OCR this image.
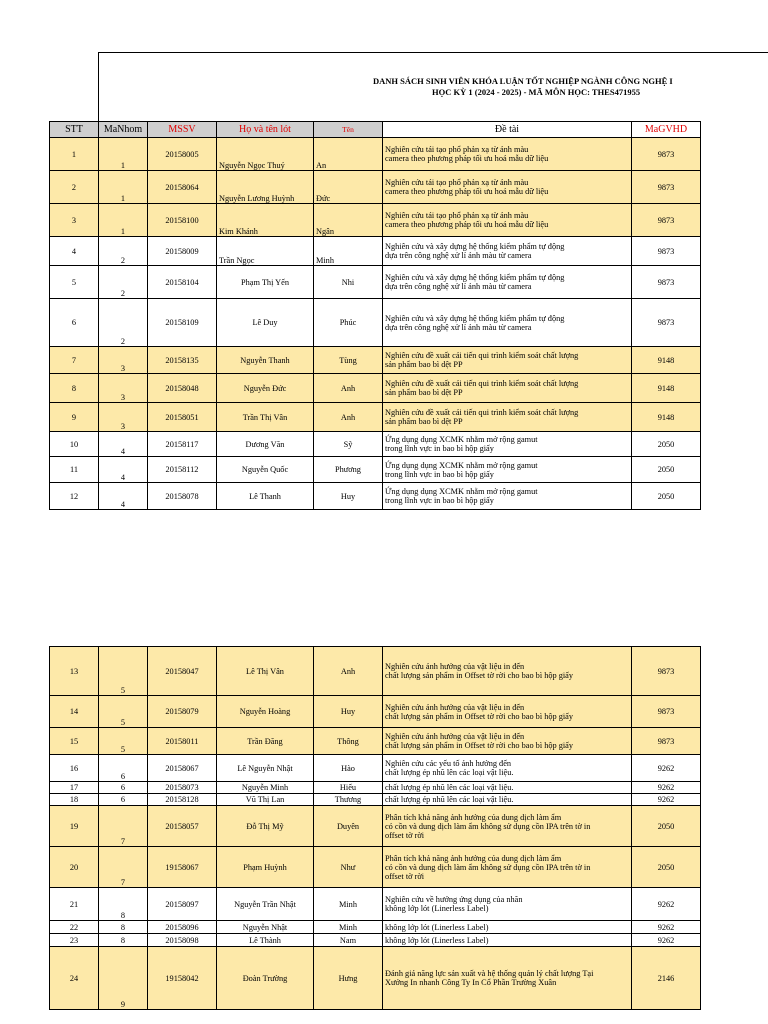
DANH SÁCH SINH VIÊN KHÓA LUẬN TỐT NGHIỆP NGÀNH CÔNG NGHỆ I
HỌC KỲ 1 (2024 - 2025) - MÃ MÔN HỌC: THES471955
STT	MaNhom	MSSV	Họ và tên lót	Tên	Đề tài	MaGVHD
1	1	20158005	Nguyễn Ngọc Thuý	An	Nghiên cứu tái tạo phổ phản xạ từ ảnh màu
camera theo phương pháp tối ưu hoá mẫu dữ liệu	9873
2	1	20158064	Nguyễn Lương Huỳnh	Đức	Nghiên cứu tái tạo phổ phản xạ từ ảnh màu
camera theo phương pháp tối ưu hoá mẫu dữ liệu	9873
3	1	20158100	Kim Khánh	Ngân	Nghiên cứu tái tạo phổ phản xạ từ ảnh màu
camera theo phương pháp tối ưu hoá mẫu dữ liệu	9873
4	2	20158009	Trần Ngọc	Minh	Nghiên cứu và xây dựng hệ thống kiểm phẩm tự động
dựa trên công nghệ xử lí ảnh màu từ camera	9873
5	2	20158104	Phạm Thị Yến	Nhi	Nghiên cứu và xây dựng hệ thống kiểm phẩm tự động
dựa trên công nghệ xử lí ảnh màu từ camera	9873
6	2	20158109	Lê Duy	Phúc	Nghiên cứu và xây dựng hệ thống kiểm phẩm tự động
dựa trên công nghệ xử lí ảnh màu từ camera	9873
7	3	20158135	Nguyễn Thanh	Tùng	Nghiên cứu đề xuất cải tiến qui trình kiểm soát chất lượng
sản phẩm bao bì dệt PP	9148
8	3	20158048	Nguyễn Đức	Anh	Nghiên cứu đề xuất cải tiến qui trình kiểm soát chất lượng
sản phẩm bao bì dệt PP	9148
9	3	20158051	Trần Thị Vân	Anh	Nghiên cứu đề xuất cải tiến qui trình kiểm soát chất lượng
sản phẩm bao bì dệt PP	9148
10	4	20158117	Dương Văn	Sỹ	Ứng dụng dụng XCMK nhằm mở rộng gamut
trong lĩnh vực in bao bì hộp giấy	2050
11	4	20158112	Nguyễn Quốc	Phương	Ứng dụng dụng XCMK nhằm mở rộng gamut
trong lĩnh vực in bao bì hộp giấy	2050
12	4	20158078	Lê Thanh	Huy	Ứng dụng dụng XCMK nhằm mở rộng gamut
trong lĩnh vực in bao bì hộp giấy	2050
13	5	20158047	Lê Thị Vân	Anh	Nghiên cứu ảnh hưởng của vật liệu in đến
chất lượng sản phẩm in Offset tờ rời cho bao bì hộp giấy	9873
14	5	20158079	Nguyễn Hoàng	Huy	Nghiên cứu ảnh hưởng của vật liệu in đến
chất lượng sản phẩm in Offset tờ rời cho bao bì hộp giấy	9873
15	5	20158011	Trần Đăng	Thông	Nghiên cứu ảnh hưởng của vật liệu in đến
chất lượng sản phẩm in Offset tờ rời cho bao bì hộp giấy	9873
16	6	20158067	Lê Nguyễn Nhật	Hào	Nghiên cứu các yếu tố ảnh hưởng đến
chất lượng ép nhũ lên các loại vật liệu.	9262
17	6	20158073	Nguyễn Minh	Hiếu	chất lượng ép nhũ lên các loại vật liệu.	9262
18	6	20158128	Vũ Thị Lan	Thương	chất lượng ép nhũ lên các loại vật liệu.	9262
19	7	20158057	Đỗ Thị Mỹ	Duyên	Phân tích khả năng ảnh hưởng của dung dịch làm ẩm
có cồn và dung dịch làm ẩm không sử dụng cồn IPA trên tờ in
offset tờ rời	2050
20	7	19158067	Phạm Huỳnh	Như	Phân tích khả năng ảnh hưởng của dung dịch làm ẩm
có cồn và dung dịch làm ẩm không sử dụng cồn IPA trên tờ in
offset tờ rời	2050
21	8	20158097	Nguyễn Trần Nhật	Minh	Nghiên cứu về hướng ứng dụng của nhãn
không lớp lót (Linerless Label)	9262
22	8	20158096	Nguyễn Nhật	Minh	không lớp lót (Linerless Label)	9262
23	8	20158098	Lê Thành	Nam	không lớp lót (Linerless Label)	9262
24	9	19158042	Đoàn Trường	Hưng	Đánh giá năng lực sản xuất và hệ thống quản lý chất lượng Tại
Xưởng In nhanh Công Ty In Cổ Phần Trường Xuân	2146
